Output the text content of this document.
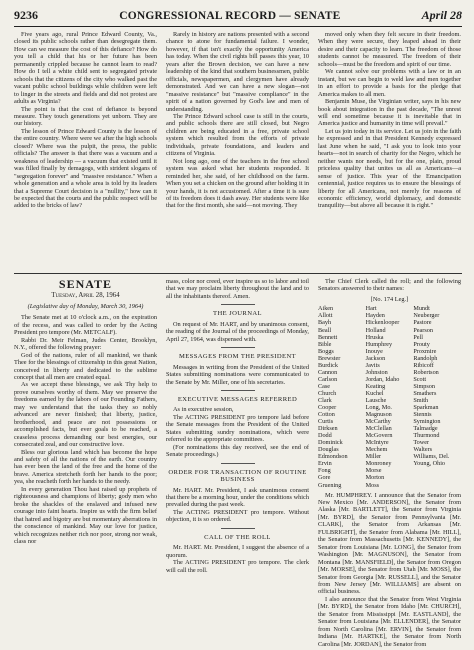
9236	CONGRESSIONAL RECORD — SENATE	April 28

Five years ago, rural Prince Edward County, Va., closed its public schools rather than desegregate them. How can we measure the cost of this defiance? How do you tell a child that his or her future has been permanently crippled because he cannot learn to read? How do I tell a white child sent to segregated private schools that the citizens of the city who walked past the vacant public school buildings while children were left to linger in the streets and fields and did not protest are adults as Virginia?

The point is that the cost of defiance is beyond measure. They touch generations yet unborn. They are our history.

The lesson of Prince Edward County is the lesson of the entire country. Where were we after the high schools closed? Where was the pulpit, the press, the public officials? The answer is that there was a vacuum and a weakness of leadership — a vacuum that existed until it was filled finally by demagogs, with strident slogans of "segregation forever" and "massive resistance." When a whole generation and a whole area is told by its leaders that a Supreme Court decision is a "nullity," how can it be expected that the courts and the public respect will be added to the bricks of law?

Rarely in history are nations presented with a second chance to atone for fundamental failure. I wonder, however, if that isn't exactly the opportunity America has today. When the civil rights bill passes this year, 10 years after the Brown decision, we can have a new leadership of the kind that southern businessmen, public officials, newspapermen, and clergymen have already demonstrated. And we can have a new slogan—not "massive resistance" but "massive compliance" in the spirit of a nation governed by God's law and men of understanding.

The Prince Edward school case is still in the courts, and public schools there are still closed, but Negro children are being educated in a free, private school system which resulted from the efforts of private individuals, private foundations, and leaders and citizens of Virginia.

Not long ago, one of the teachers in the free school system was asked what her students responded. It reminded her, she said, of her childhood on the farm. When you set a chicken on the ground after holding it in your hands, it is not accustomed. After a time it is sure of its freedom does it dash away. Her students were like that for the first month, she said—not moving. They

moved only when they felt secure in their freedom. When they were secure, they leaped ahead in their desire and their capacity to learn. The freedom of those students cannot be measured. The freedom of their schools—must be the freedom and spirit of our time.

We cannot solve our problems with a law or in an instant, but we can begin to weld law and men together in an effort to provide a basis for the pledge that America makes to all men.

Benjamin Muse, the Virginian writer, says in his new book about integration in the past decade, "The unrest will end sometime because it is inevitable that in America justice and humanity in time will prevail."

Let us join today in its service. Let us join in the faith he expressed and in that President Kennedy expressed last June when he said, "I ask you to look into your hearts—not in search of charity for the Negro, which he neither wants nor needs, but for the one, plain, proud priceless quality that unites us all as Americans—a sense of justice. This year of the Emancipation centennial, justice requires us to ensure the blessings of liberty for all Americans, not merely for reasons of economic efficiency, world diplomacy, and domestic tranquility—but above all because it is right."

SENATE
Tuesday, April 28, 1964
(Legislative day of Monday, March 30, 1964)

The Senate met at 10 o'clock a.m., on the expiration of the recess, and was called to order by the Acting President pro tempore (Mr. METCALF).

Rabbi Dr. Meir Felman, Judes Center, Brooklyn, N.Y., offered the following prayer:

God of the nations, ruler of all mankind, we thank Thee for the blessings of citizenship in this great Nation, conceived in liberty and dedicated to the sublime concept that all men are created equal.

As we accept these blessings, we ask Thy help to prove ourselves worthy of them. May we preserve the freedoms earned by the labors of our Founding Fathers, may we understand that the tasks they so nobly advanced are never finished; that liberty, justice, brotherhood, and peace are not possessions or accomplished facts, but ever goals to be reached, a ceaseless process demanding our best energies, our consecrated zeal, and our constructive love.

Bless our glorious land which has become the hope and safety of all the nations of the earth. Our country has ever been the land of the free and the home of the brave. America stretcheth forth her hands to the poor; yea, she reacheth forth her hands to the needy.

In every generation Thou hast raised up prophets of righteousness and champions of liberty; gody men who broke the shackles of the enslaved and infused new courage into faint hearts. Inspire us with the firm belief that hatred and bigotry are but momentary aberrations in the conscience of mankind. May our love for justice, which recognizes neither rich nor poor, strong nor weak, class nor

mass, color nor creed, ever inspire us so to labor and toil that we may proclaim liberty throughout the land and to all the inhabitants thereof. Amen.

THE JOURNAL

On request of Mr. HART, and by unanimous consent, the reading of the Journal of the proceedings of Monday, April 27, 1964, was dispensed with.

MESSAGES FROM THE PRESIDENT

Messages in writing from the President of the United States submitting nominations were communicated to the Senate by Mr. Miller, one of his secretaries.

EXECUTIVE MESSAGES REFERRED

As in executive session,

The ACTING PRESIDENT pro tempore laid before the Senate messages from the President of the United States submitting sundry nominations, which were referred to the appropriate committees.

(For nominations this day received, see the end of Senate proceedings.)

ORDER FOR TRANSACTION OF ROUTINE BUSINESS

Mr. HART. Mr. President, I ask unanimous consent that there be a morning hour, under the conditions which prevailed during the past week.

The ACTING PRESIDENT pro tempore. Without objection, it is so ordered.

CALL OF THE ROLL

Mr. HART. Mr. President, I suggest the absence of a quorum.

The ACTING PRESIDENT pro tempore. The clerk will call the roll.

The Chief Clerk called the roll; and the following Senators answered to their names:

[No. 174 Leg.]
Aiken
Allott
Bayh
Beall
Bennett
Bible
Boggs
Brewster
Burdick
Cannon
Carlson
Case
Church
Clark
Cooper
Cotton
Curtis
Dirksen
Dodd
Dominick
Douglas
Edmondson
Ervin
Fong
Gore
Gruening
Hart
Hayden
Hickenlooper
Holland
Hruska
Humphrey
Inouye
Jackson
Javits
Johnston
Jordan, Idaho
Keating
Kuchel
Lausche
Long, Mo.
Magnuson
McCarthy
McClellan
McGovern
McIntyre
Mechem
Miller
Monroney
Morse
Morton
Moss
Mundt
Neuberger
Pastore
Pearson
Pell
Prouty
Proxmire
Randolph
Ribicoff
Robertson
Scott
Simpson
Smathers
Smith
Sparkman
Stennis
Symington
Talmadge
Thurmond
Tower
Walters
Williams, Del.
Young, Ohio

Mr. HUMPHREY. I announce that the Senator from New Mexico [Mr. ANDERSON], the Senator from Alaska [Mr. BARTLETT], the Senator from Virginia [Mr. BYRD], the Senator from Pennsylvania [Mr. CLARK], the Senator from Arkansas [Mr. FULBRIGHT], the Senator from Alabama [Mr. HILL], the Senator from Massachusetts [Mr. KENNEDY], the Senator from Louisiana [Mr. LONG], the Senator from Washington [Mr. MAGNUSON], the Senator from Montana [Mr. MANSFIELD], the Senator from Oregon [Mr. MORSE], the Senator from Utah [Mr. MOSS], the Senator from Georgia [Mr. RUSSELL], and the Senator from New Jersey [Mr. WILLIAMS] are absent on official business.

I also announce that the Senator from West Virginia [Mr. BYRD], the Senator from Idaho [Mr. CHURCH], the Senator from Mississippi [Mr. EASTLAND], the Senator from Louisiana [Mr. ELLENDER], the Senator from North Carolina [Mr. ERVIN], the Senator from Indiana [Mr. HARTKE], the Senator from North Carolina [Mr. JORDAN], the Senator from
